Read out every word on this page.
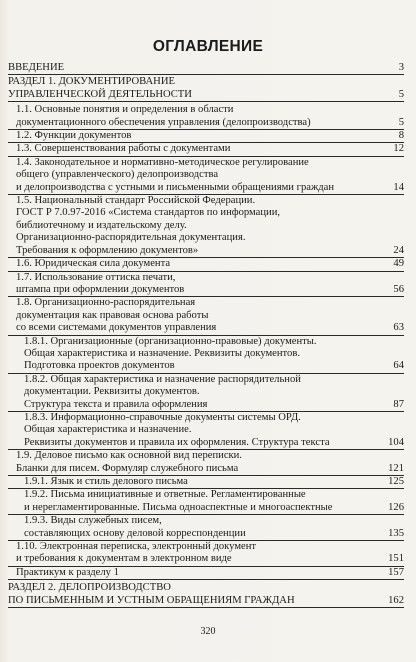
ОГЛАВЛЕНИЕ
ВВЕДЕНИЕ	3
РАЗДЕЛ 1. ДОКУМЕНТИРОВАНИЕ
УПРАВЛЕНЧЕСКОЙ ДЕЯТЕЛЬНОСТИ	5
1.1. Основные понятия и определения в области
документационного обеспечения управления (делопроизводства)	5
1.2. Функции документов	8
1.3. Совершенствования работы с документами	12
1.4. Законодательное и нормативно-методическое регулирование
общего (управленческого) делопроизводства
и делопроизводства с устными и письменными обращениями граждан	14
1.5. Национальный стандарт Российской Федерации.
ГОСТ Р 7.0.97-2016 «Система стандартов по информации,
библиотечному и издательскому делу.
Организационно-распорядительная документация.
Требования к оформлению документов»	24
1.6. Юридическая сила документа	49
1.7. Использование оттиска печати,
штампа при оформлении документов	56
1.8. Организационно-распорядительная
документация как правовая основа работы
со всеми системами документов управления	63
1.8.1. Организационные (организационно-правовые) документы.
Общая характеристика и назначение. Реквизиты документов.
Подготовка проектов документов	64
1.8.2. Общая характеристика и назначение распорядительной
документации. Реквизиты документов.
Структура текста и правила оформления	87
1.8.3. Информационно-справочные документы системы ОРД.
Общая характеристика и назначение.
Реквизиты документов и правила их оформления. Структура текста	104
1.9. Деловое письмо как основной вид переписки.
Бланки для писем. Формуляр служебного письма	121
1.9.1. Язык и стиль делового письма	125
1.9.2. Письма инициативные и ответные. Регламентированные
и нерегламентированные. Письма одноаспектные и многоаспектные	126
1.9.3. Виды служебных писем,
составляющих основу деловой корреспонденции	135
1.10. Электронная переписка, электронный документ
и требования к документам в электронном виде	151
Практикум к разделу 1	157
РАЗДЕЛ 2. ДЕЛОПРОИЗВОДСТВО
ПО ПИСЬМЕННЫМ И УСТНЫМ ОБРАЩЕНИЯМ ГРАЖДАН	162
320
